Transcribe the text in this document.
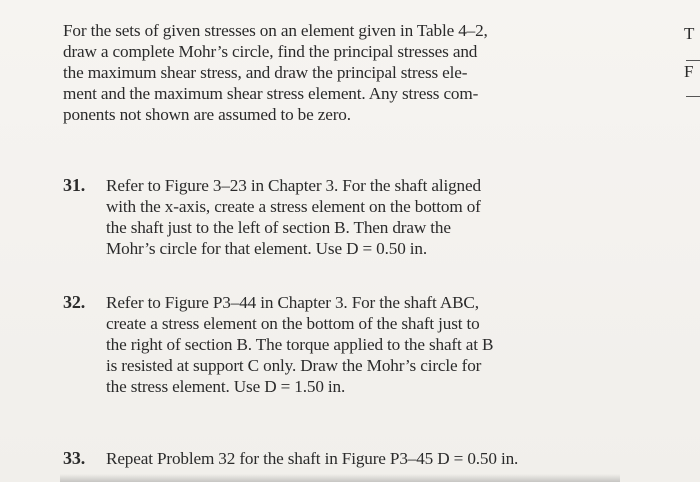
For the sets of given stresses on an element given in Table 4–2,
draw a complete Mohr’s circle, find the principal stresses and
the maximum shear stress, and draw the principal stress ele-
ment and the maximum shear stress element. Any stress com-
ponents not shown are assumed to be zero.
31. Refer to Figure 3–23 in Chapter 3. For the shaft aligned
with the x-axis, create a stress element on the bottom of
the shaft just to the left of section B. Then draw the
Mohr’s circle for that element. Use D = 0.50 in.
32. Refer to Figure P3–44 in Chapter 3. For the shaft ABC,
create a stress element on the bottom of the shaft just to
the right of section B. The torque applied to the shaft at B
is resisted at support C only. Draw the Mohr’s circle for
the stress element. Use D = 1.50 in.
33. Repeat Problem 32 for the shaft in Figure P3–45 D = 0.50 in.
T
F
